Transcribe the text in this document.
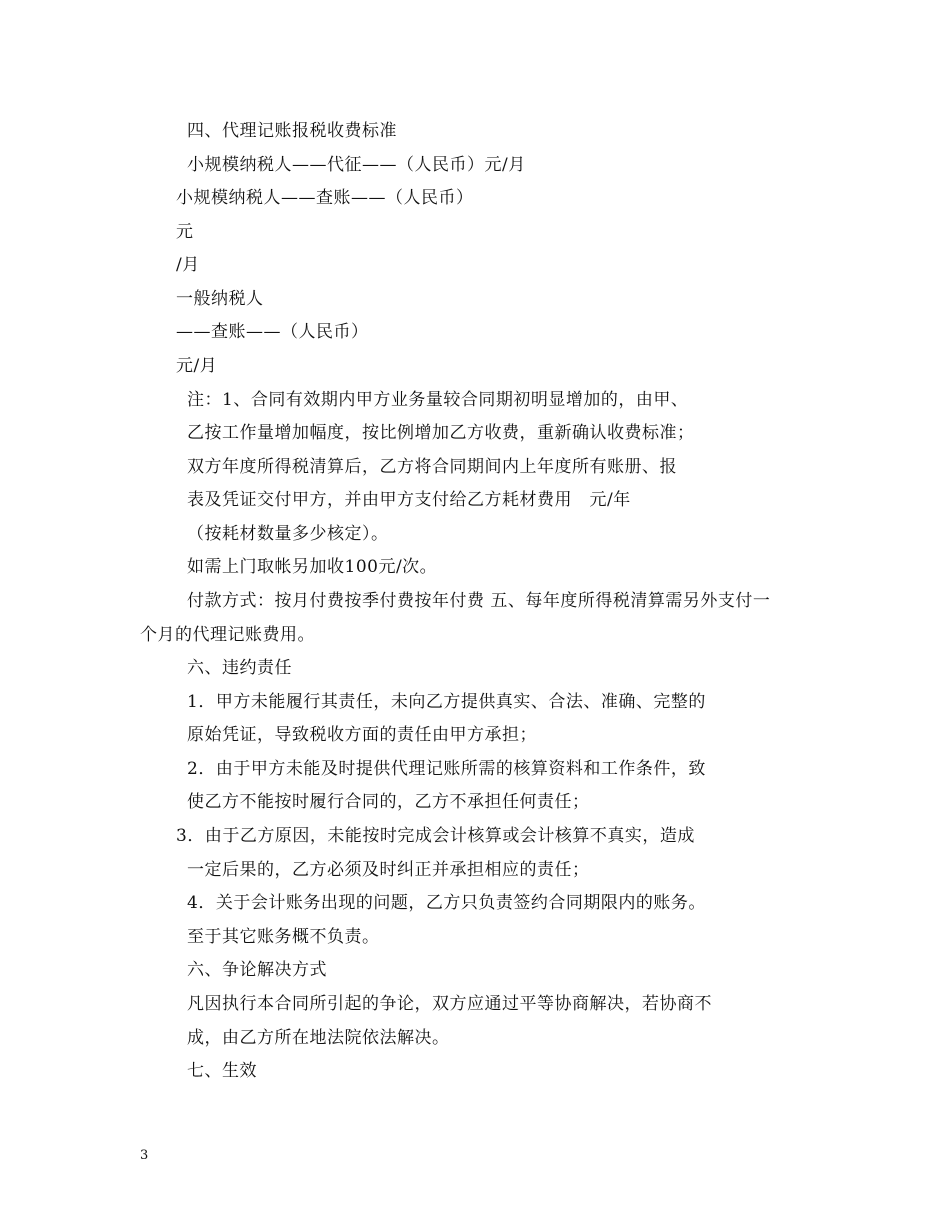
四、代理记账报税收费标准
小规模纳税人——代征——（人民币）元/月
小规模纳税人——查账——（人民币）
元
/月
一般纳税人
——查账——（人民币）
元/月
注：1、合同有效期内甲方业务量较合同期初明显增加的，由甲、
乙按工作量增加幅度，按比例增加乙方收费，重新确认收费标准；
双方年度所得税清算后，乙方将合同期间内上年度所有账册、报
表及凭证交付甲方，并由甲方支付给乙方耗材费用　元/年
（按耗材数量多少核定）。
如需上门取帐另加收100元/次。
付款方式：按月付费按季付费按年付费 五、每年度所得税清算需另外支付一
个月的代理记账费用。
六、违约责任
1．甲方未能履行其责任，未向乙方提供真实、合法、准确、完整的
原始凭证，导致税收方面的责任由甲方承担；
2．由于甲方未能及时提供代理记账所需的核算资料和工作条件，致
使乙方不能按时履行合同的，乙方不承担任何责任；
3．由于乙方原因，未能按时完成会计核算或会计核算不真实，造成
一定后果的，乙方必须及时纠正并承担相应的责任；
4．关于会计账务出现的问题，乙方只负责签约合同期限内的账务。
至于其它账务概不负责。
六、争论解决方式
凡因执行本合同所引起的争论，双方应通过平等协商解决，若协商不
成，由乙方所在地法院依法解决。
七、生效
3
